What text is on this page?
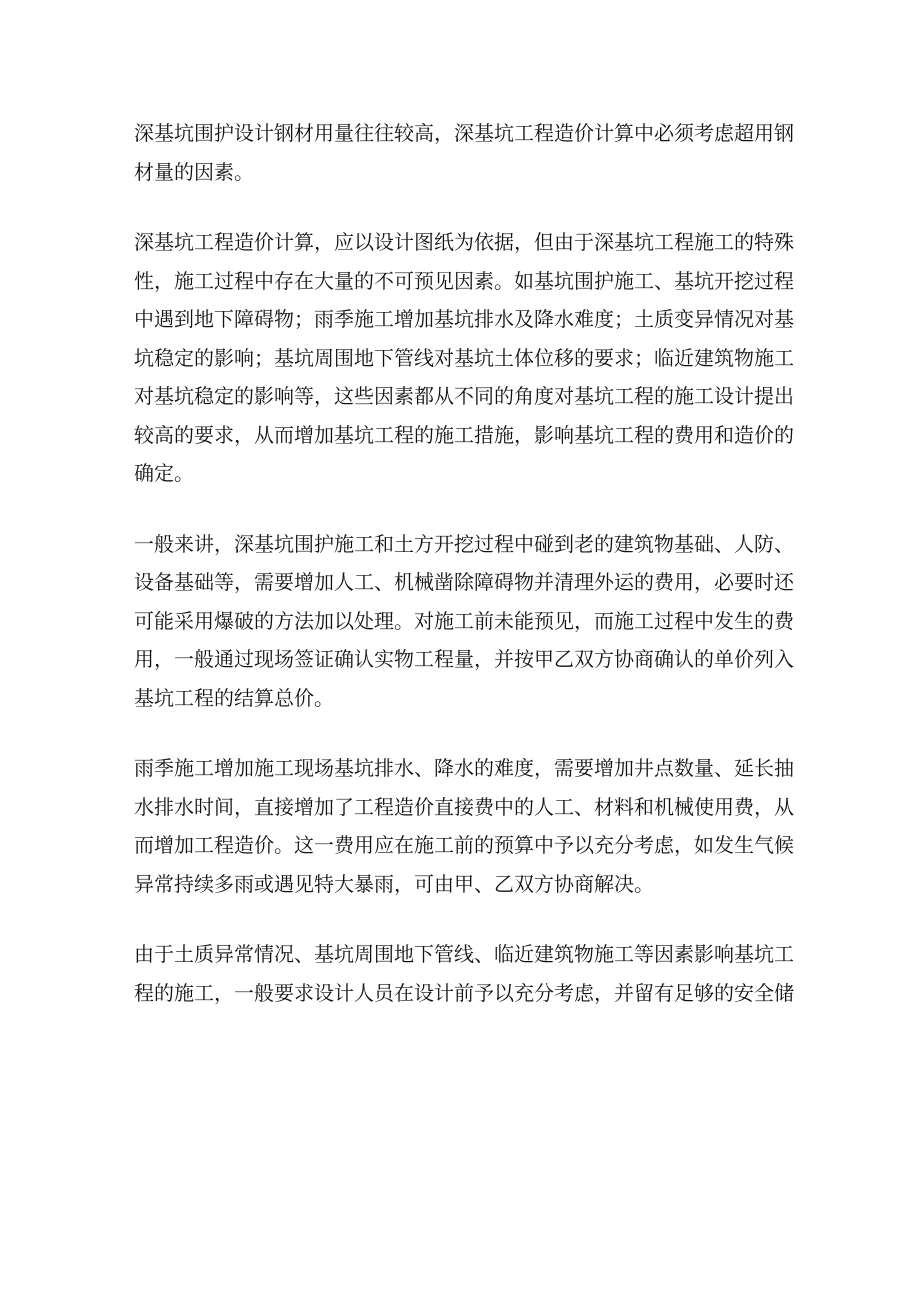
深基坑围护设计钢材用量往往较高，深基坑工程造价计算中必须考虑超用钢
材量的因素。

深基坑工程造价计算，应以设计图纸为依据，但由于深基坑工程施工的特殊
性，施工过程中存在大量的不可预见因素。如基坑围护施工、基坑开挖过程
中遇到地下障碍物；雨季施工增加基坑排水及降水难度；土质变异情况对基
坑稳定的影响；基坑周围地下管线对基坑土体位移的要求；临近建筑物施工
对基坑稳定的影响等，这些因素都从不同的角度对基坑工程的施工设计提出
较高的要求，从而增加基坑工程的施工措施，影响基坑工程的费用和造价的
确定。

一般来讲，深基坑围护施工和土方开挖过程中碰到老的建筑物基础、人防、
设备基础等，需要增加人工、机械凿除障碍物并清理外运的费用，必要时还
可能采用爆破的方法加以处理。对施工前未能预见，而施工过程中发生的费
用，一般通过现场签证确认实物工程量，并按甲乙双方协商确认的单价列入
基坑工程的结算总价。

雨季施工增加施工现场基坑排水、降水的难度，需要增加井点数量、延长抽
水排水时间，直接增加了工程造价直接费中的人工、材料和机械使用费，从
而增加工程造价。这一费用应在施工前的预算中予以充分考虑，如发生气候
异常持续多雨或遇见特大暴雨，可由甲、乙双方协商解决。

由于土质异常情况、基坑周围地下管线、临近建筑物施工等因素影响基坑工
程的施工，一般要求设计人员在设计前予以充分考虑，并留有足够的安全储
